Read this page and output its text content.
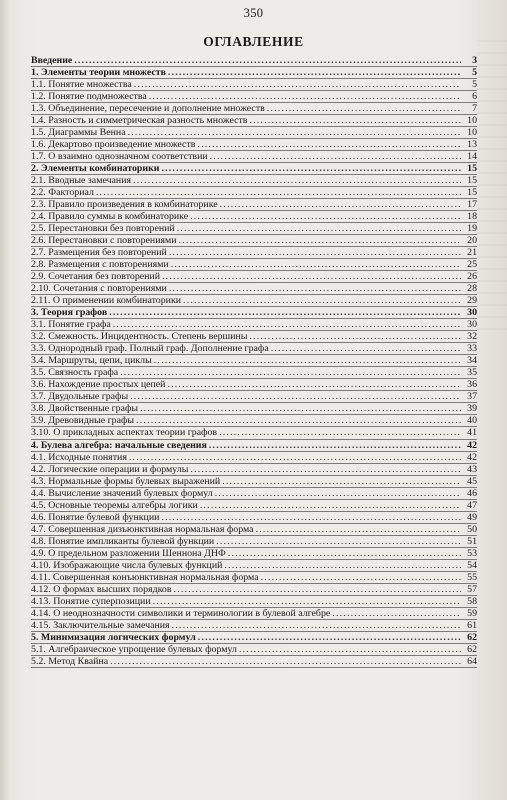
350
ОГЛАВЛЕНИЕ
Введение .....	3
1. Элементы теории множеств .....	5
1.1. Понятие множества .....	5
1.2. Понятие подмножества .....	6
1.3. Объединение, пересечение и дополнение множеств .....	7
1.4. Разность и симметрическая разность множеств .....	10
1.5. Диаграммы Венна .....	10
1.6. Декартово произведение множеств .....	13
1.7. О взаимно однозначном соответствии .....	14
2. Элементы комбинаторики .....	15
2.1. Вводные замечания .....	15
2.2. Факториал .....	15
2.3. Правило произведения в комбинаторике .....	17
2.4. Правило суммы в комбинаторике .....	18
2.5. Перестановки без повторений .....	19
2.6. Перестановки с повторениями .....	20
2.7. Размещения без повторений .....	21
2.8. Размещения с повторениями .....	25
2.9. Сочетания без повторений .....	26
2.10. Сочетания с повторениями .....	28
2.11. О применении комбинаторики .....	29
3. Теория графов .....	30
3.1. Понятие графа .....	30
3.2. Смежность. Инцидентность. Степень вершины .....	32
3.3. Однородный граф. Полный граф. Дополнение графа .....	33
3.4. Маршруты, цепи, циклы .....	34
3.5. Связность графа .....	35
3.6. Нахождение простых цепей .....	36
3.7. Двудольные графы .....	37
3.8. Двойственные графы .....	39
3.9. Древовидные графы .....	40
3.10. О прикладных аспектах теории графов .....	41
4. Булева алгебра: начальные сведения .....	42
4.1. Исходные понятия .....	42
4.2. Логические операции и формулы .....	43
4.3. Нормальные формы булевых выражений .....	45
4.4. Вычисление значений булевых формул .....	46
4.5. Основные теоремы алгебры логики .....	47
4.6. Понятие булевой функции .....	49
4.7. Совершенная дизъюнктивная нормальная форма .....	50
4.8. Понятие импликанты булевой функции .....	51
4.9. О предельном разложении Шеннона ДНФ .....	53
4.10. Изображающие числа булевых функций .....	54
4.11. Совершенная конъюнктивная нормальная форма .....	55
4.12. О формах высших порядков .....	57
4.13. Понятие суперпозиции .....	58
4.14. О неоднозначности символики и терминологии в булевой алгебре .....	59
4.15. Заключительные замечания .....	61
5. Минимизация логических формул .....	62
5.1. Алгебраическое упрощение булевых формул .....	62
5.2. Метод Квайна .....	64
